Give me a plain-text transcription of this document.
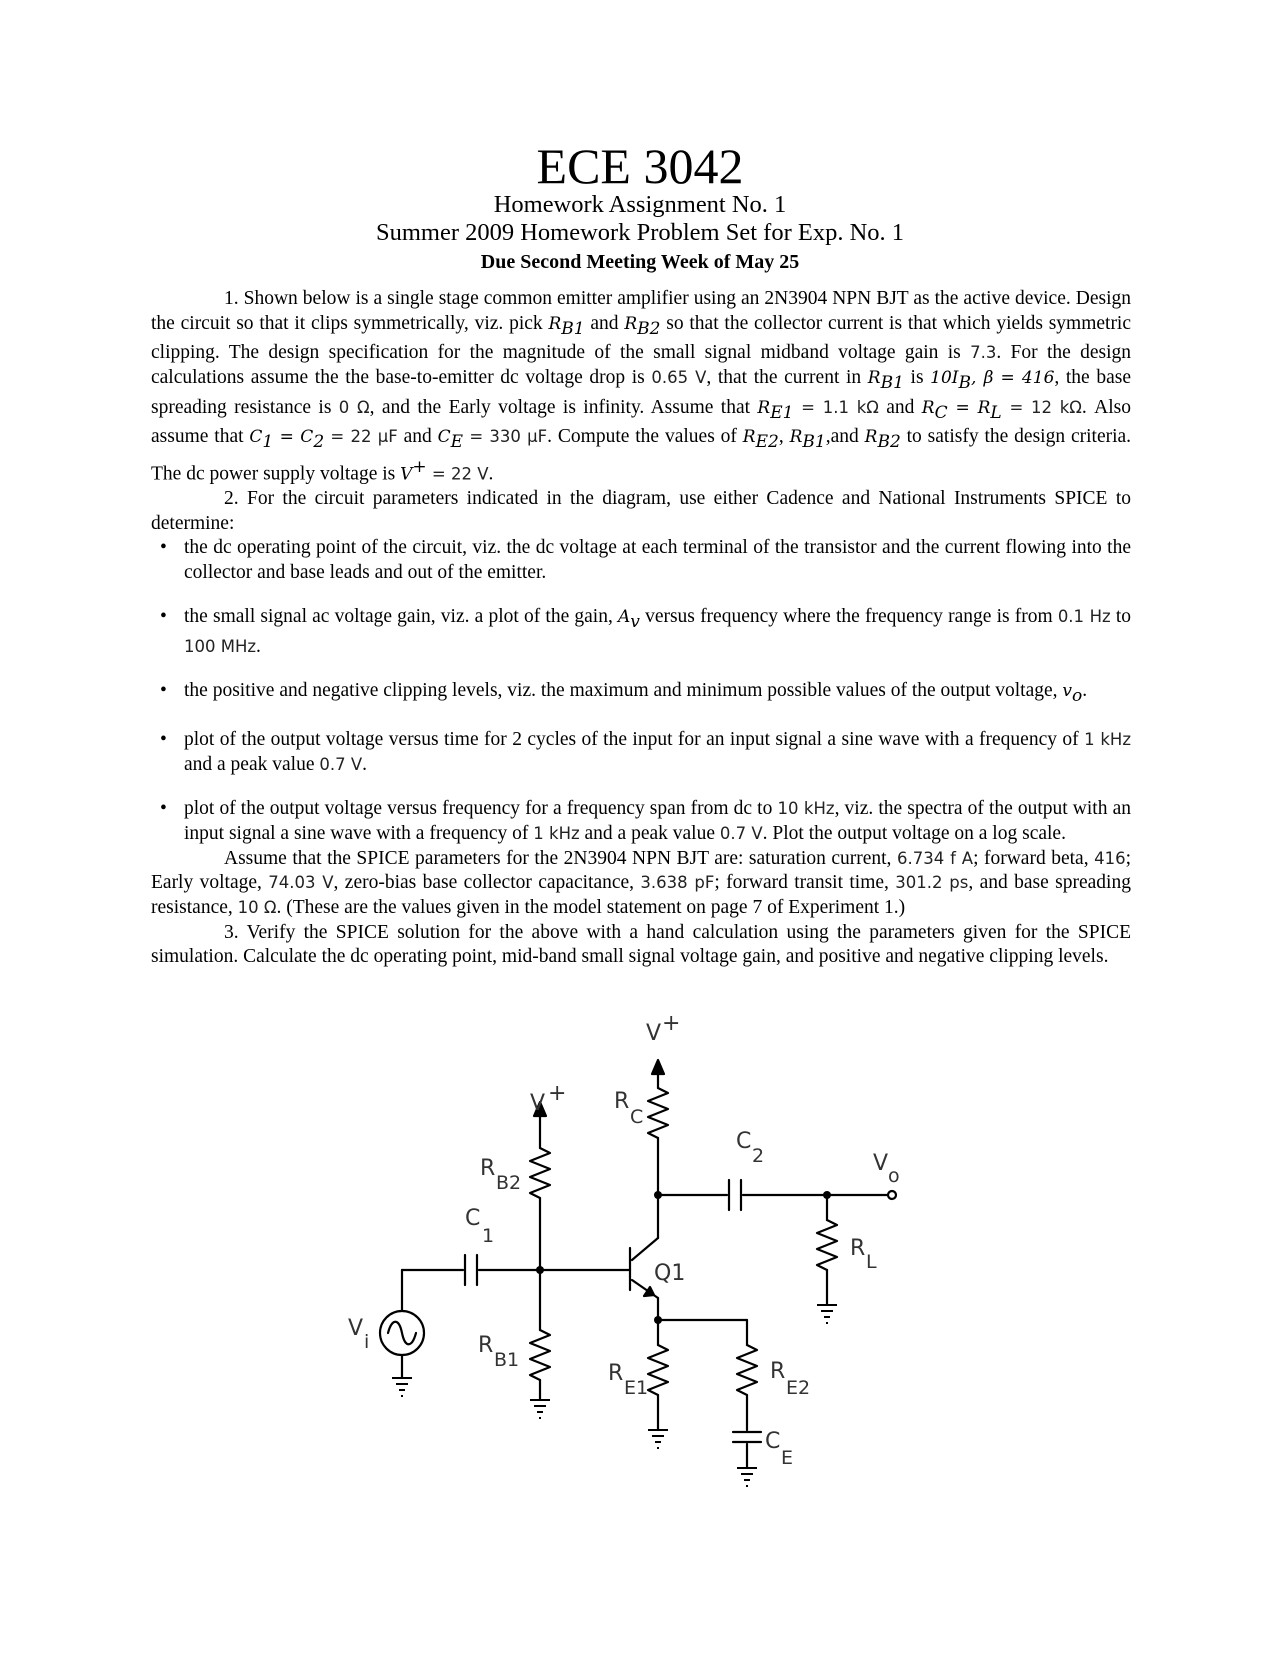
ECE 3042
Homework Assignment No. 1
Summer 2009 Homework Problem Set for Exp. No. 1
Due Second Meeting Week of May 25

1. Shown below is a single stage common emitter amplifier using an 2N3904 NPN BJT as the active device. Design the circuit so that it clips symmetrically, viz. pick $R_{B1}$ and $R_{B2}$ so that the collector current is that which yields symmetric clipping. The design specification for the magnitude of the small signal midband voltage gain is 7.3. For the design calculations assume the the base-to-emitter dc voltage drop is 0.65 V, that the current in $R_{B1}$ is $10I_B$, β = 416, the base spreading resistance is 0 Ω, and the Early voltage is infinity. Assume that $R_{E1} = 1.1$ kΩ and $R_C = R_L = 12$ kΩ. Also assume that $C_1 = C_2 = 22$ μF and $C_E = 330$ μF. Compute the values of $R_{E2}$, $R_{B1},and$ $R_{B2}$ to satisfy the design criteria. The dc power supply voltage is V+ = 22 V.

2. For the circuit parameters indicated in the diagram, use either Cadence and National Instruments SPICE to determine:

• the dc operating point of the circuit, viz. the dc voltage at each terminal of the transistor and the current flowing into the collector and base leads and out of the emitter.
• the small signal ac voltage gain, viz. a plot of the gain, $A_v$ versus frequency where the frequency range is from 0.1 Hz to 100 MHz.
• the positive and negative clipping levels, viz. the maximum and minimum possible values of the output voltage, $v_o$.
• plot of the output voltage versus time for 2 cycles of the input for an input signal a sine wave with a frequency of 1 kHz and a peak value 0.7 V.
• plot of the output voltage versus frequency for a frequency span from dc to 10 kHz, viz. the spectra of the output with an input signal a sine wave with a frequency of 1 kHz and a peak value 0.7 V. Plot the output voltage on a log scale.

Assume that the SPICE parameters for the 2N3904 NPN BJT are: saturation current, 6.734 f A; forward beta, 416; Early voltage, 74.03 V, zero-bias base collector capacitance, 3.638 pF; forward transit time, 301.2 ps, and base spreading resistance, 10 Ω. (These are the values given in the model statement on page 7 of Experiment 1.)

3. Verify the SPICE solution for the above with a hand calculation using the parameters given for the SPICE simulation. Calculate the dc operating point, mid-band small signal voltage gain, and positive and negative clipping levels.

V +
V + R
C
C
2	V o
R
B2
C
1	R
L
Q1
V
i	R
B1
R
E1
R
E2
C
E
